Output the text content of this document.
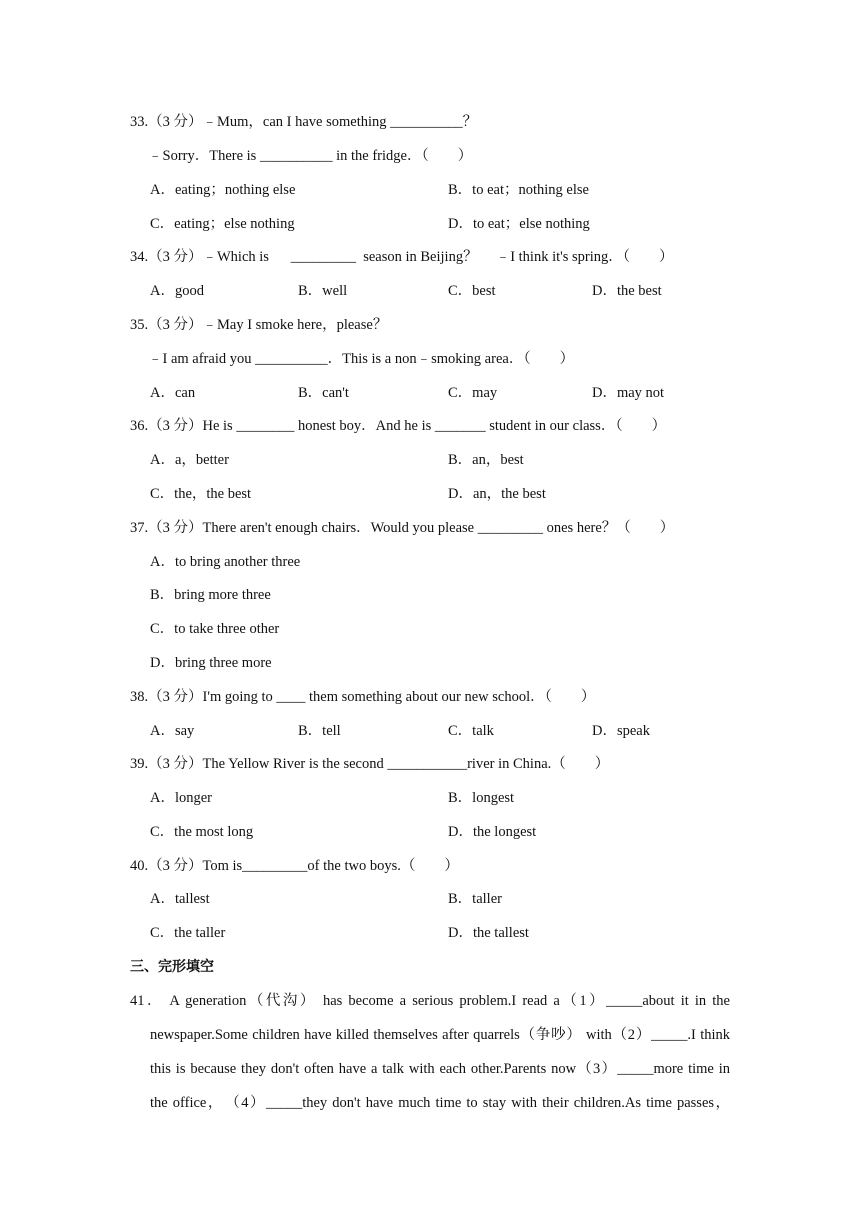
33.（3 分）﹣Mum，can I have something __________？
﹣Sorry．There is __________ in the fridge．（　　）
A．eating；nothing else	B．to eat；nothing else
C．eating；else nothing	D．to eat；else nothing
34.（3 分）﹣Which is 　 _________  season in Beijing？　 ﹣I think it's spring．（　　）
A．good	B．well	C．best	D．the best
35.（3 分）﹣May I smoke here，please？
﹣I am afraid you __________．This is a non﹣smoking area．（　　）
A．can	B．can't	C．may	D．may not
36.（3 分）He is ________ honest boy．And he is _______ student in our class．（　　）
A．a，better	B．an，best
C．the，the best	D．an，the best
37.（3 分）There aren't enough chairs．Would you please _________ ones here？（　　）
A．to bring another three
B．bring more three
C．to take three other
D．bring three more
38.（3 分）I'm going to ____ them something about our new school．（　　）
A．say	B．tell	C．talk	D．speak
39.（3 分）The Yellow River is the second ___________river in China.（　　）
A．longer	B．longest
C．the most long	D．the longest
40.（3 分）Tom is_________of the two boys.（　　）
A．tallest	B．taller
C．the taller	D．the tallest
三、完形填空
41． A generation（代沟） has become a serious problem.I read a（1）_____about it in the
newspaper.Some children have killed themselves after quarrels（争吵） with（2）_____.I think
this is because they don't often have a talk with each other.Parents now（3）_____more time in
the office，　（4）_____they don't have much time to stay with their children.As time passes，
